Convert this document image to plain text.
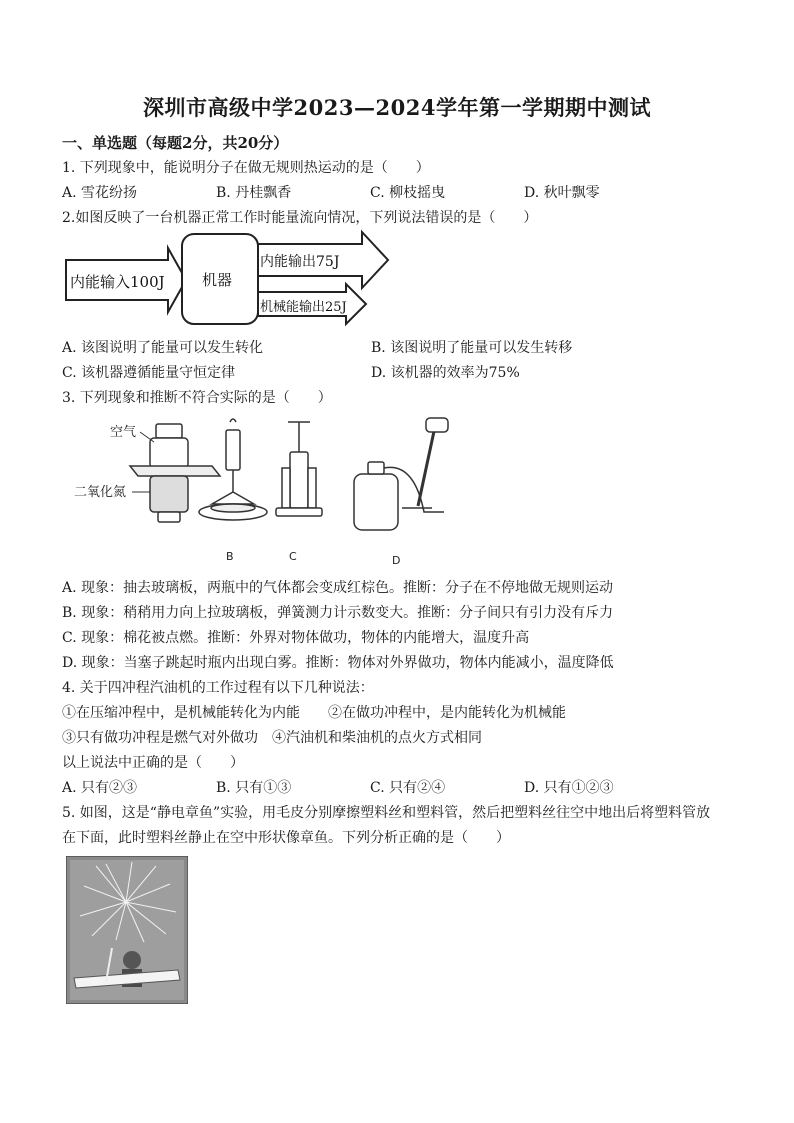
深圳市高级中学2023—2024学年第一学期期中测试
一、单选题（每题2分，共20分）
1. 下列现象中，能说明分子在做无规则热运动的是（　　）
A. 雪花纷扬	B. 丹桂飘香	C. 柳枝摇曳	D. 秋叶飘零
2.如图反映了一台机器正常工作时能量流向情况，下列说法错误的是（　　）
内能输入100J 机器
内能输出75J
机械能输出25J
A. 该图说明了能量可以发生转化	B. 该图说明了能量可以发生转移
C. 该机器遵循能量守恒定律	D. 该机器的效率为75%
3. 下列现象和推断不符合实际的是（　　）
空气
二氧化氮
B	C	D
A. 现象：抽去玻璃板，两瓶中的气体都会变成红棕色。推断：分子在不停地做无规则运动
B. 现象：稍稍用力向上拉玻璃板，弹簧测力计示数变大。推断：分子间只有引力没有斥力
C. 现象：棉花被点燃。推断：外界对物体做功，物体的内能增大，温度升高
D. 现象：当塞子跳起时瓶内出现白雾。推断：物体对外界做功，物体内能减小，温度降低
4. 关于四冲程汽油机的工作过程有以下几种说法：
①在压缩冲程中，是机械能转化为内能　　②在做功冲程中，是内能转化为机械能
③只有做功冲程是燃气对外做功　④汽油机和柴油机的点火方式相同
以上说法中正确的是（　　）
A. 只有②③	B. 只有①③	C. 只有②④	D. 只有①②③
5. 如图，这是“静电章鱼”实验，用毛皮分别摩擦塑料丝和塑料管，然后把塑料丝往空中地出后将塑料管放
在下面，此时塑料丝静止在空中形状像章鱼。下列分析正确的是（　　）
